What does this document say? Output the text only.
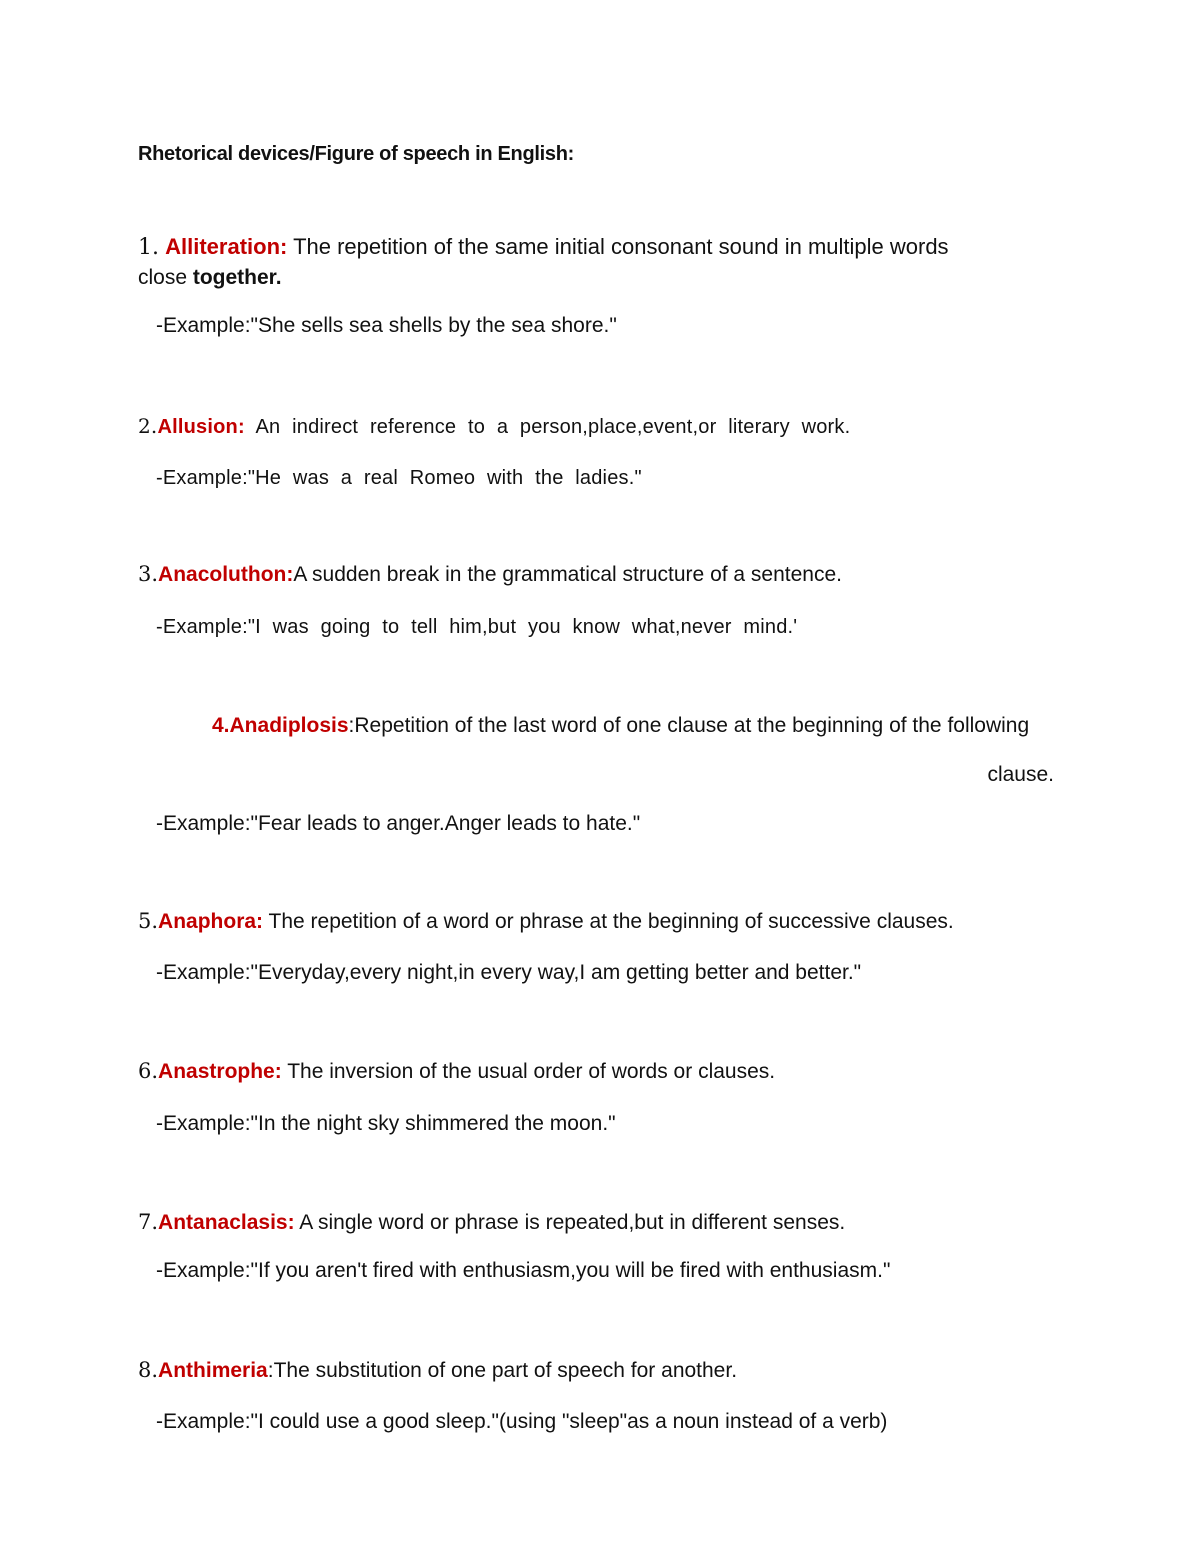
Rhetorical devices/Figure of speech in English:
1. Alliteration: The repetition of the same initial consonant sound in multiple words
close together.
-Example:"She sells sea shells by the sea shore."
2.Allusion: An indirect reference to a person,place,event,or literary work.
-Example:"He was a real Romeo with the ladies."
3.Anacoluthon:A sudden break in the grammatical structure of a sentence.
-Example:"I was going to tell him,but you know what,never mind.'
4.Anadiplosis:Repetition of the last word of one clause at the beginning of the following
clause.
-Example:"Fear leads to anger.Anger leads to hate."
5.Anaphora: The repetition of a word or phrase at the beginning of successive clauses.
-Example:"Everyday,every night,in every way,I am getting better and better."
6.Anastrophe: The inversion of the usual order of words or clauses.
-Example:"In the night sky shimmered the moon."
7.Antanaclasis: A single word or phrase is repeated,but in different senses.
-Example:"If you aren't fired with enthusiasm,you will be fired with enthusiasm."
8.Anthimeria:The substitution of one part of speech for another.
-Example:"I could use a good sleep."(using "sleep"as a noun instead of a verb)
